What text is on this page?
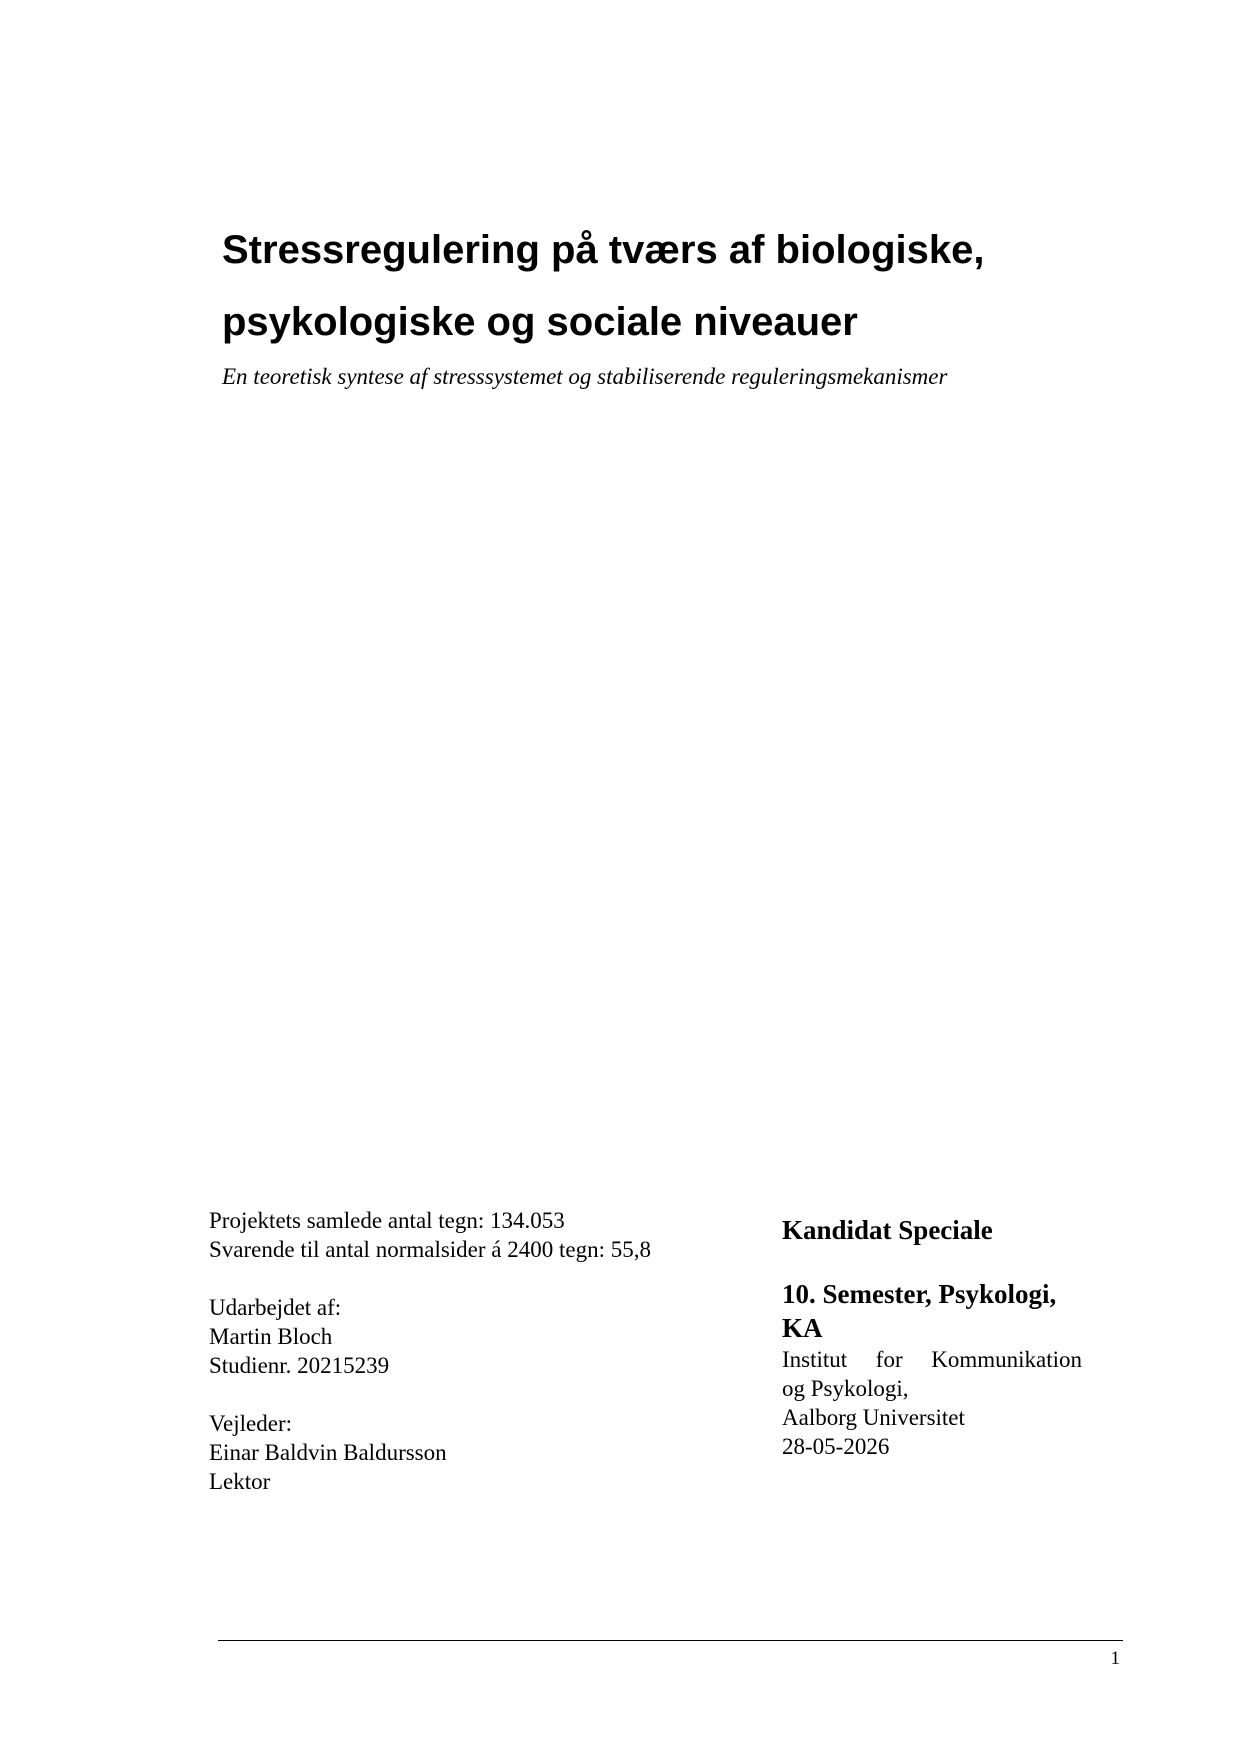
Stressregulering på tværs af biologiske,
psykologiske og sociale niveauer

En teoretisk syntese af stresssystemet og stabiliserende reguleringsmekanismer

Projektets samlede antal tegn: 134.053
Svarende til antal normalsider á 2400 tegn: 55,8
Udarbejdet af:
Martin Bloch
Studienr. 20215239
Vejleder:
Einar Baldvin Baldursson
Lektor
Kandidat Speciale
10. Semester, Psykologi,
KA
Institut for Kommunikation
og Psykologi,
Aalborg Universitet
28-05-2026
1
